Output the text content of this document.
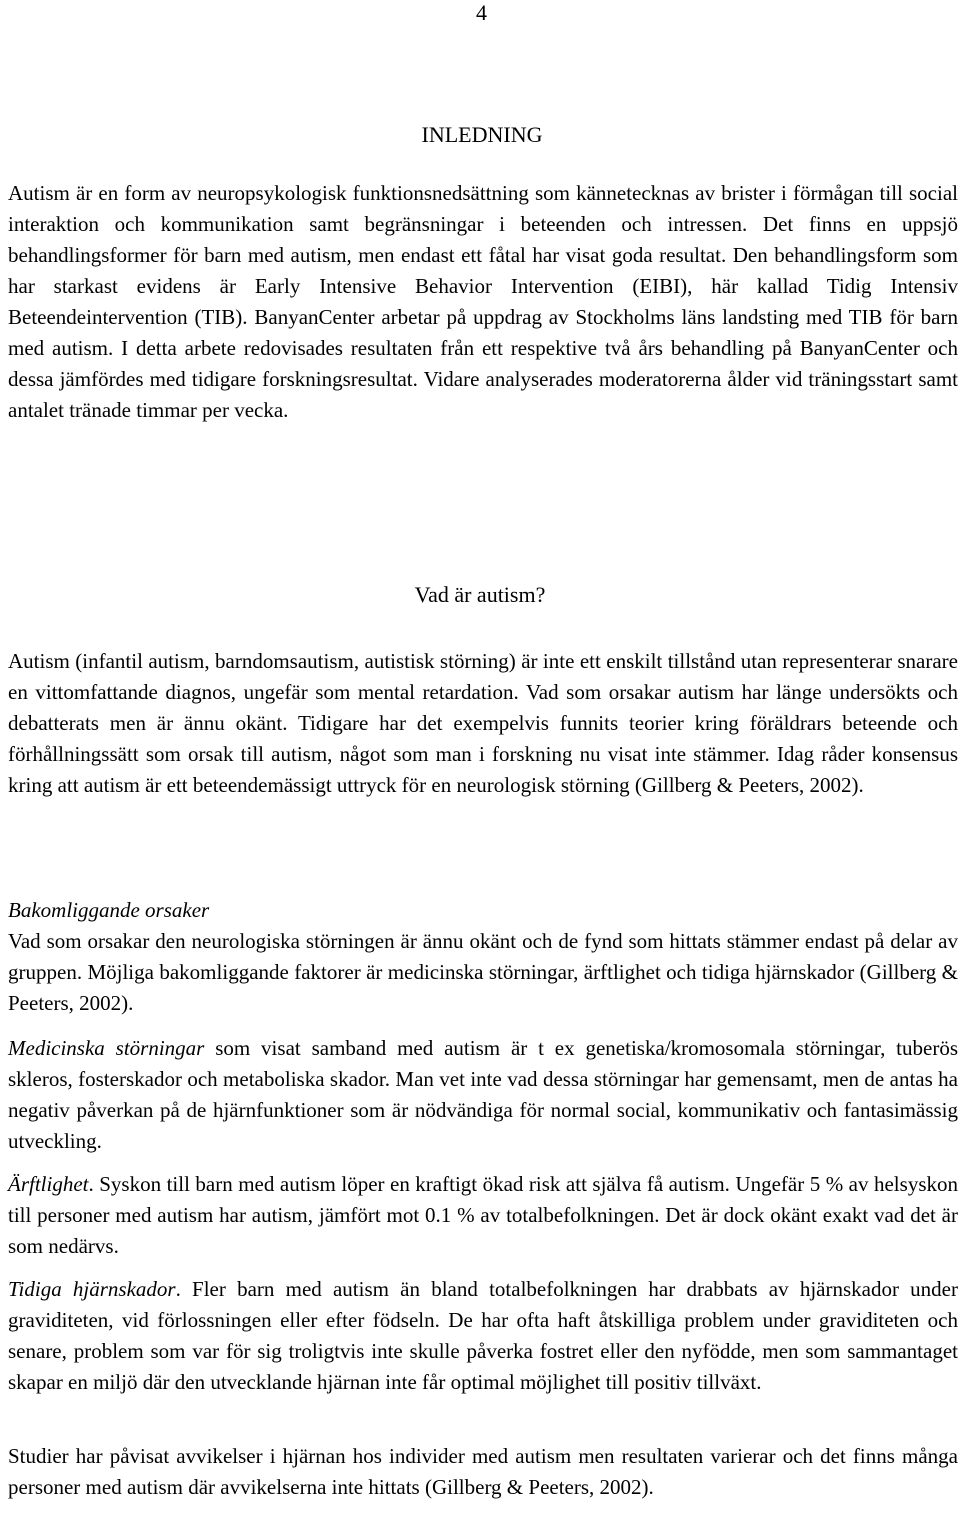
4
INLEDNING

Autism är en form av neuropsykologisk funktionsnedsättning som kännetecknas av brister i förmågan till social interaktion och kommunikation samt begränsningar i beteenden och intressen. Det finns en uppsjö behandlingsformer för barn med autism, men endast ett fåtal har visat goda resultat. Den behandlingsform som har starkast evidens är Early Intensive Behavior Intervention (EIBI), här kallad Tidig Intensiv Beteendeintervention (TIB). BanyanCenter arbetar på uppdrag av Stockholms läns landsting med TIB för barn med autism. I detta arbete redovisades resultaten från ett respektive två års behandling på BanyanCenter och dessa jämfördes med tidigare forskningsresultat. Vidare analyserades moderatorerna ålder vid träningsstart samt antalet tränade timmar per vecka.

Vad är autism?

Autism (infantil autism, barndomsautism, autistisk störning) är inte ett enskilt tillstånd utan representerar snarare en vittomfattande diagnos, ungefär som mental retardation. Vad som orsakar autism har länge undersökts och debatterats men är ännu okänt. Tidigare har det exempelvis funnits teorier kring föräldrars beteende och förhållningssätt som orsak till autism, något som man i forskning nu visat inte stämmer. Idag råder konsensus kring att autism är ett beteendemässigt uttryck för en neurologisk störning (Gillberg & Peeters, 2002).

Bakomliggande orsaker
Vad som orsakar den neurologiska störningen är ännu okänt och de fynd som hittats stämmer endast på delar av gruppen. Möjliga bakomliggande faktorer är medicinska störningar, ärftlighet och tidiga hjärnskador (Gillberg & Peeters, 2002).

Medicinska störningar som visat samband med autism är t ex genetiska/kromosomala störningar, tuberös skleros, fosterskador och metaboliska skador. Man vet inte vad dessa störningar har gemensamt, men de antas ha negativ påverkan på de hjärnfunktioner som är nödvändiga för normal social, kommunikativ och fantasimässig utveckling.

Ärftlighet. Syskon till barn med autism löper en kraftigt ökad risk att själva få autism. Ungefär 5 % av helsyskon till personer med autism har autism, jämfört mot 0.1 % av totalbefolkningen. Det är dock okänt exakt vad det är som nedärvs.

Tidiga hjärnskador. Fler barn med autism än bland totalbefolkningen har drabbats av hjärnskador under graviditeten, vid förlossningen eller efter födseln. De har ofta haft åtskilliga problem under graviditeten och senare, problem som var för sig troligtvis inte skulle påverka fostret eller den nyfödde, men som sammantaget skapar en miljö där den utvecklande hjärnan inte får optimal möjlighet till positiv tillväxt.

Studier har påvisat avvikelser i hjärnan hos individer med autism men resultaten varierar och det finns många personer med autism där avvikelserna inte hittats (Gillberg & Peeters, 2002).
